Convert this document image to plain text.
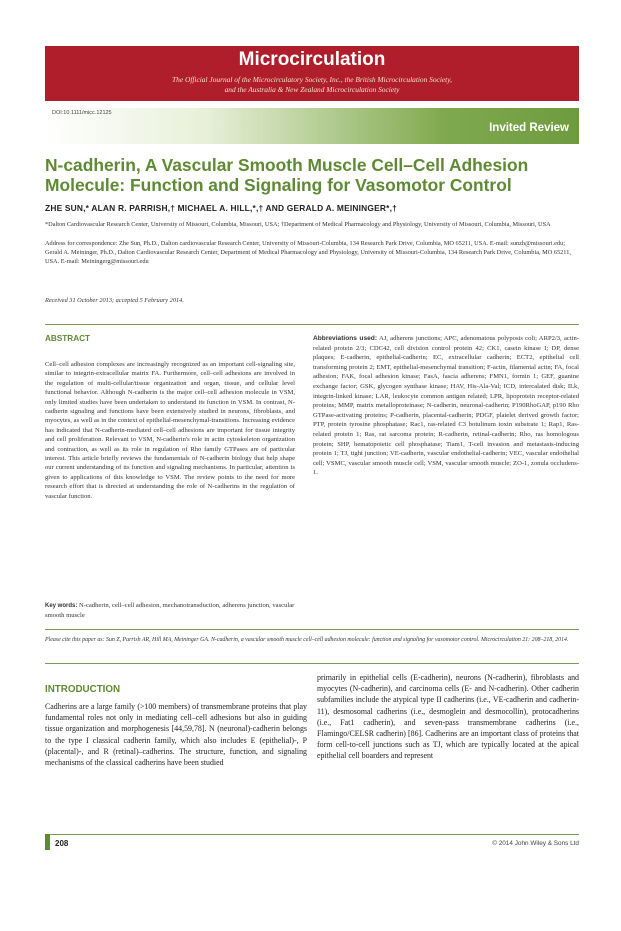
Microcirculation
The Official Journal of the Microcirculatory Society, Inc., the British Microcirculation Society,
and the Australia & New Zealand Microcirculation Society
DOI:10.1111/micc.12125
Invited Review
N-cadherin, A Vascular Smooth Muscle Cell–Cell Adhesion Molecule: Function and Signaling for Vasomotor Control
ZHE SUN,* ALAN R. PARRISH,† MICHAEL A. HILL,*,† AND GERALD A. MEININGER*,†
*Dalton Cardiovascular Research Center, University of Missouri, Columbia, Missouri, USA; †Department of Medical Pharmacology and Physiology, University of Missouri, Columbia, Missouri, USA
Address for correspondence: Zhe Sun, Ph.D., Dalton cardiovascular Research Center, University of Missouri-Columbia, 134 Research Park Drive, Columbia, MO 65211, USA. E-mail: sunzh@missouri.edu; Gerald A. Meininger, Ph.D., Dalton Cardiovascular Research Center, Department of Medical Pharmacology and Physiology, University of Missouri-Columbia, 134 Research Park Drive, Columbia, MO 65211, USA. E-mail: Meiningerg@missouri.edu
Received 31 October 2013; accepted 5 February 2014.
ABSTRACT
Cell–cell adhesion complexes are increasingly recognized as an important cell-signaling site, similar to integrin-extracellular matrix FA. Furthermore, cell–cell adhesions are involved in the regulation of multi-cellular/tissue organization and organ, tissue, and cellular level functional behavior. Although N-cadherin is the major cell–cell adhesion molecule in VSM, only limited studies have been undertaken to understand its function in VSM. In contrast, N-cadherin signaling and functions have been extensively studied in neurons, fibroblasts, and myocytes, as well as in the context of epithelial-mesenchymal-transitions. Increasing evidence has indicated that N-cadherin-mediated cell–cell adhesions are important for tissue integrity and cell proliferation. Relevant to VSM, N-cadherin's role in actin cytoskeleton organization and contraction, as well as its role in regulation of Rho family GTPases are of particular interest. This article briefly reviews the fundamentals of N-cadherin biology that help shape our current understanding of its function and signaling mechanisms. In particular, attention is given to applications of this knowledge to VSM. The review points to the need for more research effort that is directed at understanding the role of N-cadherins in the regulation of vascular function.
Key words: N-cadherin, cell–cell adhesion, mechanotransduction, adherens junction, vascular smooth muscle
Abbreviations used: AJ, adherens junctions; APC, adenomatous polyposis coli; ARP2/3, actin-related protein 2/3; CDC42, cell division control protein 42; CK1, casein kinase I; DP, dense plaques; E-cadherin, epithelial-cadherin; EC, extracellular cadherin; ECT2, epithelial cell transforming protein 2; EMT, epithelial-mesenchymal transition; F-actin, filamental actin; FA, focal adhesion; FAK, focal adhesion kinase; FasA, fascia adherens; FMN1, formin 1; GEF, guanine exchange factor; GSK, glycogen synthase kinase; HAV, His-Ala-Val; ICD, intercalated disk; ILk, integrin-linked kinase; LAR, leukocyte common antigen related; LPR, lipoprotein receptor-related proteins; MMP, matrix metalloproteinase; N-cadherin, neuronal-cadherin; P190RhoGAP, p190 Rho GTPase-activating proteins; P-cadherin, placental-cadherin; PDGF, platelet derived growth factor; PTP, protein tyrosine phosphatase; Rac1, ras-related C3 botulinum toxin substrate 1; Rap1, Ras-related protein 1; Ras, rat sarcoma protein; R-cadherin, retinal-cadherin; Rho, ras homologous protein; SHP, hematopoietic cell phosphatase; Tiam1, T-cell invasion and metastasis-inducing protein 1; TJ, tight junction; VE-cadherin, vascular endothelial-cadherin; VEC, vascular endothelial cell; VSMC, vascular smooth muscle cell; VSM, vascular smooth muscle; ZO-1, zonula occludens-1.
Please cite this paper as: Sun Z, Parrish AR, Hill MA, Meininger GA. N-cadherin, a vascular smooth muscle cell–cell adhesion molecule: function and signaling for vasomotor control. Microcirculation 21: 208–218, 2014.
INTRODUCTION
Cadherins are a large family (>100 members) of transmembrane proteins that play fundamental roles not only in mediating cell–cell adhesions but also in guiding tissue organization and morphogenesis [44,59,78]. N (neuronal)-cadherin belongs to the type I classical cadherin family, which also includes E (epithelial)-, P (placental)-, and R (retinal)–cadherins. The structure, function, and signaling mechanisms of the classical cadherins have been studied
primarily in epithelial cells (E-cadherin), neurons (N-cadherin), fibroblasts and myocytes (N-cadherin), and carcinoma cells (E- and N-cadherin). Other cadherin subfamilies include the atypical type II cadherins (i.e., VE-cadherin and cadherin-11), desmosomal cadherins (i.e., desmoglein and desmocollin), protocadherins (i.e., Fat1 cadherin), and seven-pass transmembrane cadherins (i.e., Flamingo/CELSR cadherin) [86]. Cadherins are an important class of proteins that form cell-to-cell junctions such as TJ, which are typically located at the apical epithelial cell boarders and represent
208	© 2014 John Wiley & Sons Ltd
